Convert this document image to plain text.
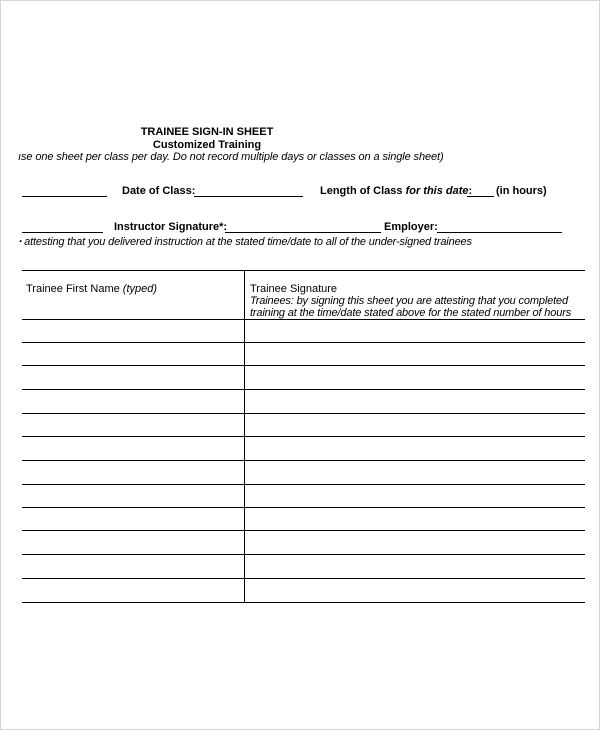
TRAINEE SIGN-IN SHEET
Customized Training
ıse one sheet per class per day. Do not record multiple days or classes on a single sheet)
Date of Class:	Length of Class for this date: (in hours)
Instructor Signature*:	Employer:
ꞏ attesting that you delivered instruction at the stated time/date to all of the under-signed trainees
Trainee First Name (typed)	Trainee Signature
Trainees: by signing this sheet you are attesting that you completed training at the time/date stated above for the stated number of hours
